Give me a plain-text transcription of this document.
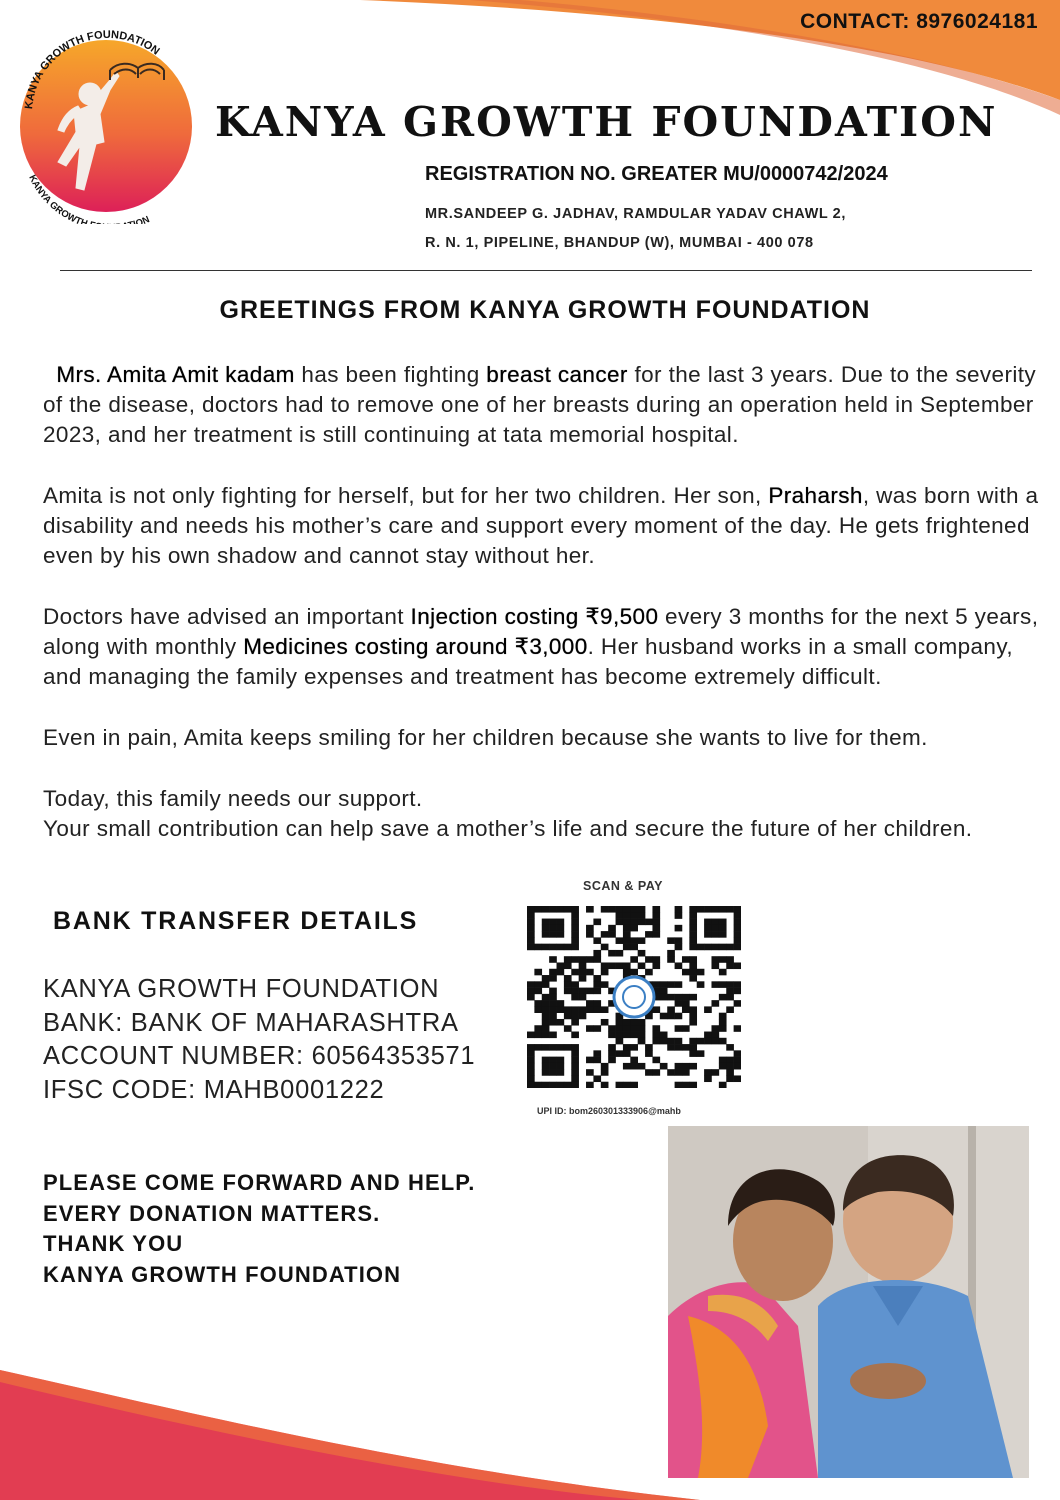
CONTACT: 8976024181
KANYA GROWTH FOUNDATION
KANYA GROWTH ON
KANYA GROWTH FOUNDATION
REGISTRATION NO. GREATER MU/0000742/2024
MR.SANDEEP G. JADHAV, RAMDULAR YADAV CHAWL 2,
R. N. 1, PIPELINE, BHANDUP (W), MUMBAI - 400 078
GREETINGS FROM KANYA GROWTH FOUNDATION
Mrs. Amita Amit kadam has been fighting breast cancer for the last 3 years. Due to the severity of the disease, doctors had to remove one of her breasts during an operation held in September 2023, and her treatment is still continuing at tata memorial hospital.
Amita is not only fighting for herself, but for her two children. Her son, Praharsh, was born with a disability and needs his mother’s care and support every moment of the day. He gets frightened even by his own shadow and cannot stay without her.
Doctors have advised an important Injection costing ₹9,500 every 3 months for the next 5 years, along with monthly Medicines costing around ₹3,000. Her husband works in a small company, and managing the family expenses and treatment has become extremely difficult.
Even in pain, Amita keeps smiling for her children because she wants to live for them.
Today, this family needs our support.
Your small contribution can help save a mother’s life and secure the future of her children.
BANK TRANSFER DETAILS
KANYA GROWTH FOUNDATION
BANK: BANK OF MAHARASHTRA
ACCOUNT NUMBER: 60564353571
IFSC CODE: MAHB0001222
SCAN & PAY
UPI ID: bom260301333906@mahb
PLEASE COME FORWARD AND HELP.
EVERY DONATION MATTERS.
THANK YOU
KANYA GROWTH FOUNDATION
